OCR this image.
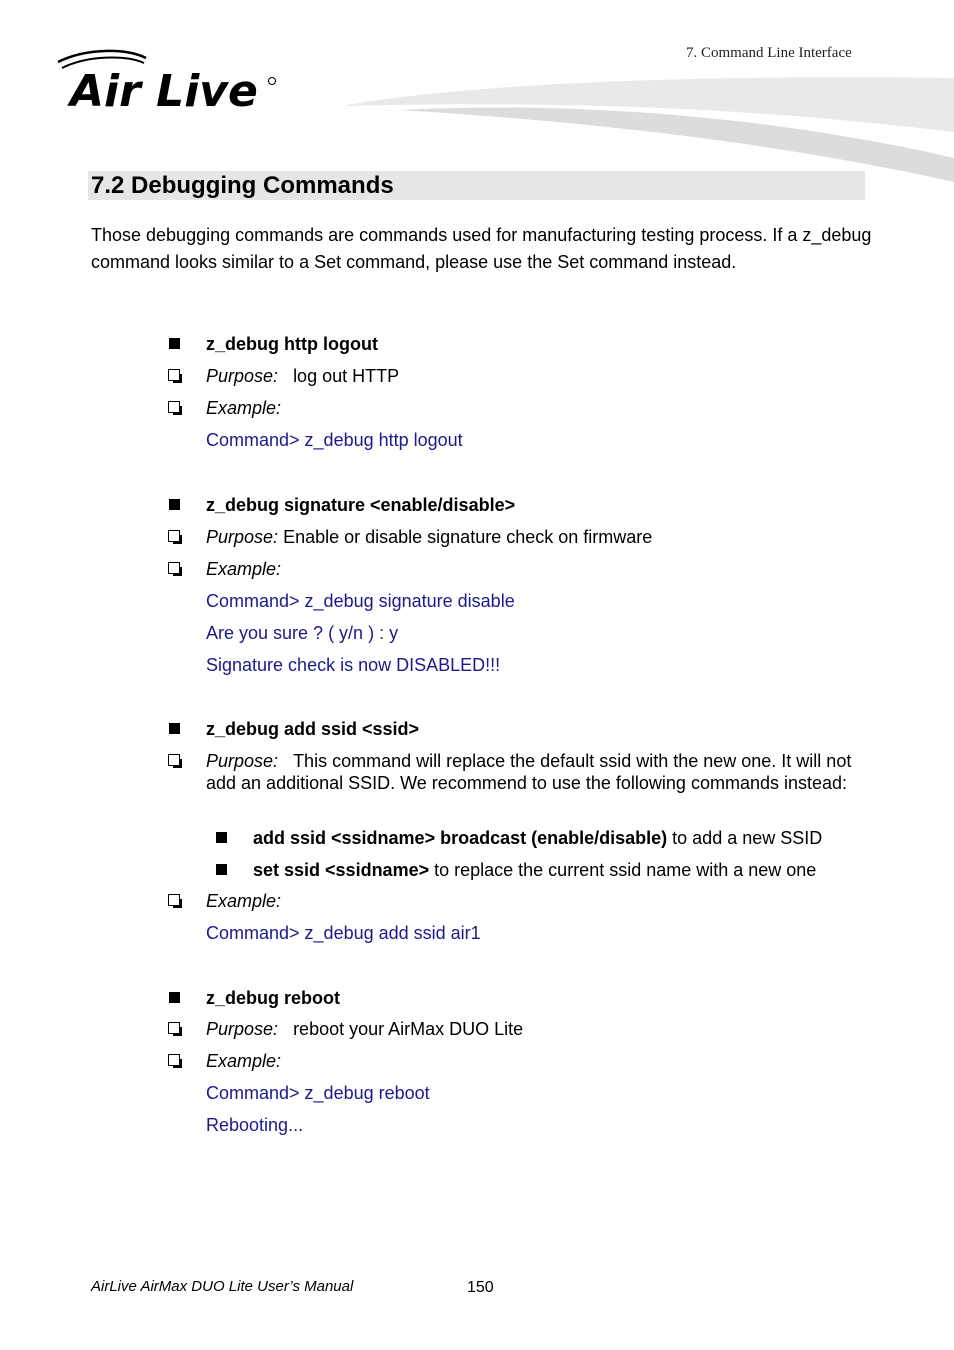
7. Command Line Interface
Air Live
7.2 Debugging Commands
Those debugging commands are commands used for manufacturing testing process. If a z_debug command looks similar to a Set command, please use the Set command instead.
z_debug http logout
Purpose: log out HTTP
Example:
Command> z_debug http logout
z_debug signature <enable/disable>
Purpose: Enable or disable signature check on firmware
Example:
Command> z_debug signature disable
Are you sure ? ( y/n ) : y
Signature check is now DISABLED!!!
z_debug add ssid <ssid>
Purpose: This command will replace the default ssid with the new one. It will not add an additional SSID. We recommend to use the following commands instead:
add ssid <ssidname> broadcast (enable/disable) to add a new SSID
set ssid <ssidname> to replace the current ssid name with a new one
Example:
Command> z_debug add ssid air1
z_debug reboot
Purpose: reboot your AirMax DUO Lite
Example:
Command> z_debug reboot
Rebooting...
AirLive AirMax DUO Lite User’s Manual	150
